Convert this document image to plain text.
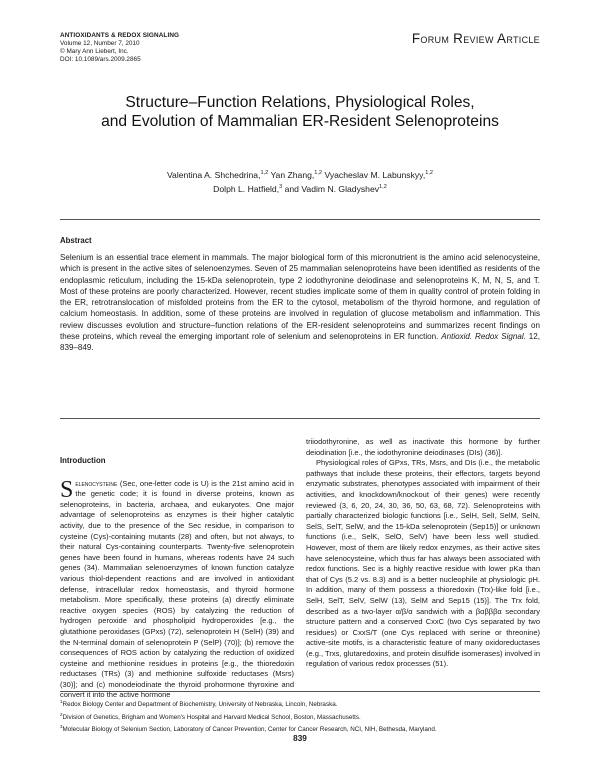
ANTIOXIDANTS & REDOX SIGNALING
Volume 12, Number 7, 2010
© Mary Ann Liebert, Inc.
DOI: 10.1089/ars.2009.2865
Forum Review Article
Structure–Function Relations, Physiological Roles,
and Evolution of Mammalian ER-Resident Selenoproteins
Valentina A. Shchedrina,$^{1,2}$ Yan Zhang,$^{1,2}$ Vyacheslav M. Labunskyy,$^{1,2}$
Dolph L. Hatfield,$^3$ and Vadim N. Gladyshev$^{1,2}$
Abstract
Selenium is an essential trace element in mammals. The major biological form of this micronutrient is the amino acid selenocysteine, which is present in the active sites of selenoenzymes. Seven of 25 mammalian selenoproteins have been identified as residents of the endoplasmic reticulum, including the 15-kDa selenoprotein, type 2 iodothyronine deiodinase and selenoproteins K, M, N, S, and T. Most of these proteins are poorly characterized. However, recent studies implicate some of them in quality control of protein folding in the ER, retrotranslocation of misfolded proteins from the ER to the cytosol, metabolism of the thyroid hormone, and regulation of calcium homeostasis. In addition, some of these proteins are involved in regulation of glucose metabolism and inflammation. This review discusses evolution and structure–function relations of the ER-resident selenoproteins and summarizes recent findings on these proteins, which reveal the emerging important role of selenium and selenoproteins in ER function. Antioxid. Redox Signal. 12, 839–849.
Introduction

Selenocysteine (Sec, one-letter code is U) is the 21st amino acid in the genetic code; it is found in diverse proteins, known as selenoproteins, in bacteria, archaea, and eukaryotes. One major advantage of selenoproteins as enzymes is their higher catalytic activity, due to the presence of the Sec residue, in comparison to cysteine (Cys)-containing mutants (28) and often, but not always, to their natural Cys-containing counterparts. Twenty-five selenoprotein genes have been found in humans, whereas rodents have 24 such genes (34). Mammalian selenoenzymes of known function catalyze various thiol-dependent reactions and are involved in antioxidant defense, intracellular redox homeostasis, and thyroid hormone metabolism. More specifically, these proteins (a) directly eliminate reactive oxygen species (ROS) by catalyzing the reduction of hydrogen peroxide and phospholipid hydroperoxides [e.g., the glutathione peroxidases (GPxs) (72), selenoprotein H (SelH) (39) and the N-terminal domain of selenoprotein P (SelP) (70)]; (b) remove the consequences of ROS action by catalyzing the reduction of oxidized cysteine and methionine residues in proteins [e.g., the thioredoxin reductases (TRs) (3) and methionine sulfoxide reductases (Msrs) (30)]; and (c) monodeiodinate the thyroid prohormone thyroxine and convert it into the active hormone

triiodothyronine, as well as inactivate this hormone by further deiodination [i.e., the iodothyronine deiodinases (DIs) (36)].

Physiological roles of GPxs, TRs, Msrs, and DIs (i.e., the metabolic pathways that include these proteins, their effectors, targets beyond enzymatic substrates, phenotypes associated with impairment of their activities, and knockdown/knockout of their genes) were recently reviewed (3, 6, 20, 24, 30, 36, 50, 63, 68, 72). Selenoproteins with partially characterized biologic functions [i.e., SelH, SelI, SelM, SelN, SelS, SelT, SelW, and the 15-kDa selenoprotein (Sep15)] or unknown functions (i.e., SelK, SelO, SelV) have been less well studied. However, most of them are likely redox enzymes, as their active sites have selenocysteine, which thus far has always been associated with redox functions. Sec is a highly reactive residue with lower pKa than that of Cys (5.2 vs. 8.3) and is a better nucleophile at physiologic pH. In addition, many of them possess a thioredoxin (Trx)-like fold [i.e., SelH, SelT, SelV, SelW (13), SelM and Sep15 (15)]. The Trx fold, described as a two-layer α/β/α sandwich with a βαβββα secondary structure pattern and a conserved CxxC (two Cys separated by two residues) or CxxS/T (one Cys replaced with serine or threonine) active-site motifs, is a characteristic feature of many oxidoreductases (e.g., Trxs, glutaredoxins, and protein disulfide isomerases) involved in regulation of various redox processes (51).

$^1$Redox Biology Center and Department of Biochemistry, University of Nebraska, Lincoln, Nebraska.
$^2$Division of Genetics, Brigham and Women's Hospital and Harvard Medical School, Boston, Massachusetts.
$^3$Molecular Biology of Selenium Section, Laboratory of Cancer Prevention, Center for Cancer Research, NCI, NIH, Bethesda, Maryland.
839
